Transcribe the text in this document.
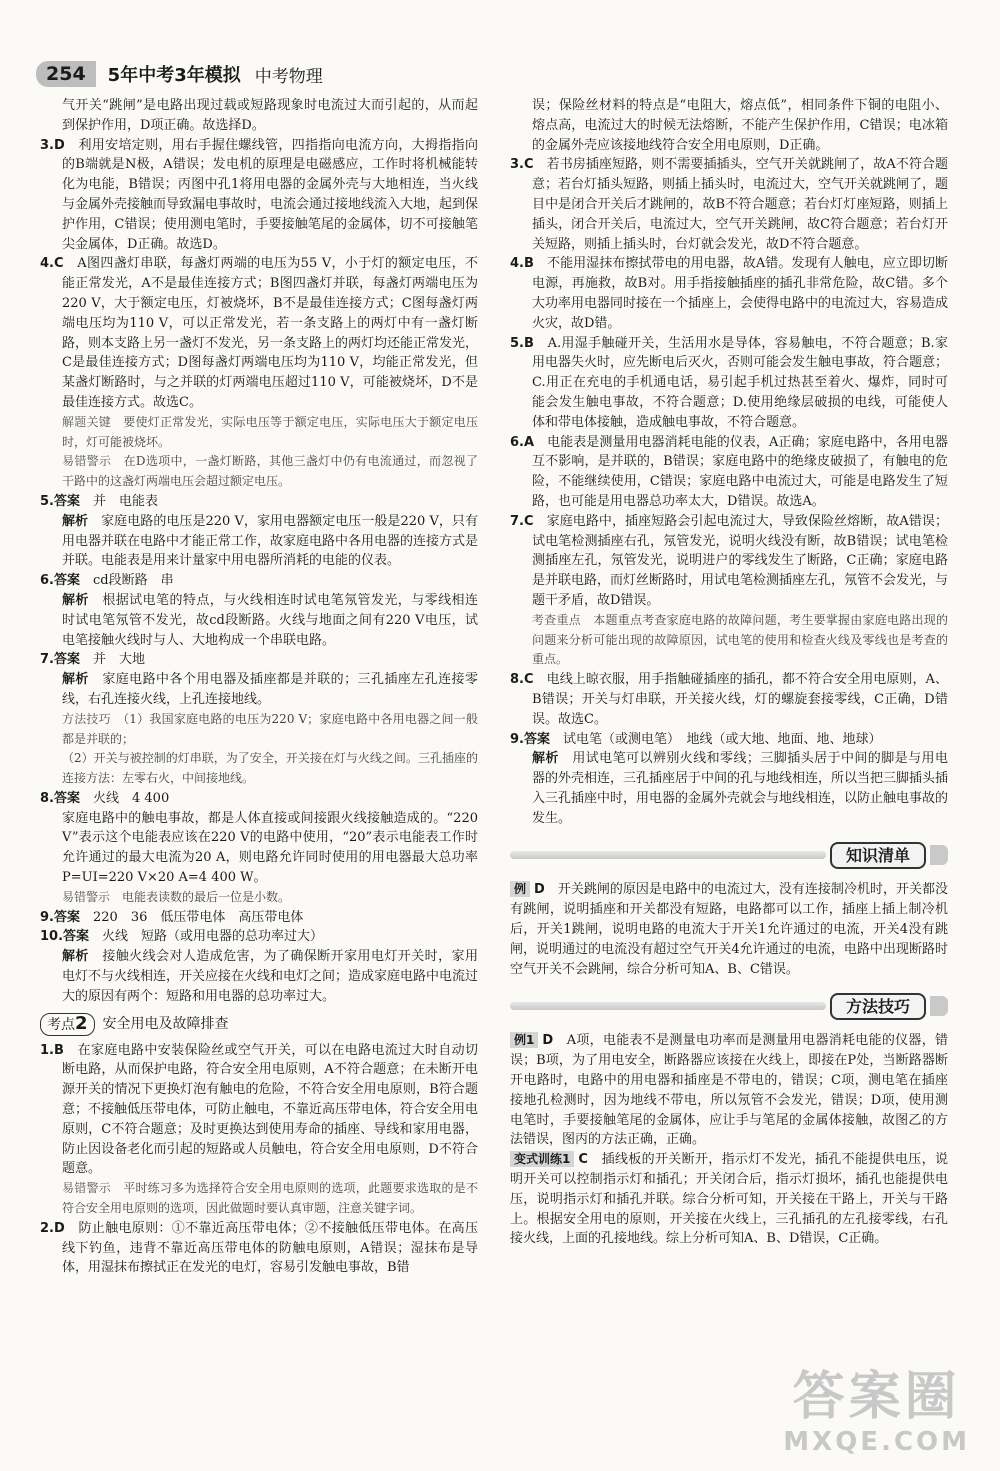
254	5年中考3年模拟 中考物理

气开关“跳闸”是电路出现过载或短路现象时电流过大而引起的，从而起到保护作用，D项正确。故选择D。

3.D　 利用安培定则，用右手握住螺线管，四指指向电流方向，大拇指指向的B端就是N极，A错误；发电机的原理是电磁感应，工作时将机械能转化为电能，B错误；丙图中孔1将用电器的金属外壳与大地相连，当火线与金属外壳接触而导致漏电事故时，电流会通过接地线流入大地，起到保护作用，C错误；使用测电笔时，手要接触笔尾的金属体，切不可接触笔尖金属体，D正确。故选D。

4.C　 A图四盏灯串联，每盏灯两端的电压为55 V，小于灯的额定电压，不能正常发光，A不是最佳连接方式；B图四盏灯并联，每盏灯两端电压为220 V，大于额定电压，灯被烧坏，B不是最佳连接方式；C图每盏灯两端电压均为110 V，可以正常发光，若一条支路上的两灯中有一盏灯断路，则本支路上另一盏灯不发光，另一条支路上的两灯均还能正常发光，C是最佳连接方式；D图每盏灯两端电压均为110 V，均能正常发光，但某盏灯断路时，与之并联的灯两端电压超过110 V，可能被烧坏，D不是最佳连接方式。故选C。

解题关键　 要使灯正常发光，实际电压等于额定电压，实际电压大于额定电压时，灯可能被烧坏。

易错警示　 在D选项中，一盏灯断路，其他三盏灯中仍有电流通过，而忽视了干路中的这盏灯两端电压会超过额定电压。

5.答案　 并　电能表

解析　 家庭电路的电压是220 V，家用电器额定电压一般是220 V，只有用电器并联在电路中才能正常工作，故家庭电路中各用电器的连接方式是并联。电能表是用来计量家中用电器所消耗的电能的仪表。

6.答案　 cd段断路　串

解析　 根据试电笔的特点，与火线相连时试电笔氖管发光，与零线相连时试电笔氖管不发光，故cd段断路。火线与地面之间有220 V电压，试电笔接触火线时与人、大地构成一个串联电路。

7.答案　 并　大地

解析　 家庭电路中各个用电器及插座都是并联的；三孔插座左孔连接零线，右孔连接火线，上孔连接地线。

方法技巧　 （1）我国家庭电路的电压为220 V；家庭电路中各用电器之间一般都是并联的；

（2）开关与被控制的灯串联，为了安全，开关接在灯与火线之间。三孔插座的连接方法：左零右火，中间接地线。

8.答案　 火线　4 400

家庭电路中的触电事故，都是人体直接或间接跟火线接触造成的。“220 V”表示这个电能表应该在220 V的电路中使用，“20”表示电能表工作时允许通过的最大电流为20 A，则电路允许同时使用的用电器最大总功率P=UI=220 V×20 A=4 400 W。

易错警示　 电能表读数的最后一位是小数。

9.答案　 220　36　低压带电体　高压带电体

10.答案　 火线　短路（或用电器的总功率过大）

解析　 接触火线会对人造成危害，为了确保断开家用电灯开关时，家用电灯不与火线相连，开关应接在火线和电灯之间；造成家庭电路中电流过大的原因有两个：短路和用电器的总功率过大。

考点2	安全用电及故障排查

1.B　 在家庭电路中安装保险丝或空气开关，可以在电路电流过大时自动切断电路，从而保护电路，符合安全用电原则，A不符合题意；在未断开电源开关的情况下更换灯泡有触电的危险，不符合安全用电原则，B符合题意；不接触低压带电体，可防止触电，不靠近高压带电体，符合安全用电原则，C不符合题意；及时更换达到使用寿命的插座、导线和家用电器，防止因设备老化而引起的短路或人员触电，符合安全用电原则，D不符合题意。

易错警示　 平时练习多为选择符合安全用电原则的选项，此题要求选取的是不符合安全用电原则的选项，因此做题时要认真审题，注意关键字词。

2.D　 防止触电原则：①不靠近高压带电体；②不接触低压带电体。在高压线下钓鱼，违背不靠近高压带电体的防触电原则，A错误；湿抹布是导体，用湿抹布擦拭正在发光的电灯，容易引发触电事故，B错

误；保险丝材料的特点是“电阻大，熔点低”，相同条件下铜的电阻小、熔点高，电流过大的时候无法熔断，不能产生保护作用，C错误；电冰箱的金属外壳应该接地线符合安全用电原则，D正确。

3.C　 若书房插座短路，则不需要插插头，空气开关就跳闸了，故A不符合题意；若台灯插头短路，则插上插头时，电流过大，空气开关就跳闸了，题目中是闭合开关后才跳闸的，故B不符合题意；若台灯灯座短路，则插上插头，闭合开关后，电流过大，空气开关跳闸，故C符合题意；若台灯开关短路，则插上插头时，台灯就会发光，故D不符合题意。

4.B　 不能用湿抹布擦拭带电的用电器，故A错。发现有人触电，应立即切断电源，再施救，故B对。用手指接触插座的插孔非常危险，故C错。多个大功率用电器同时接在一个插座上，会使得电路中的电流过大，容易造成火灾，故D错。

5.B　 A.用湿手触碰开关，生活用水是导体，容易触电，不符合题意；B.家用电器失火时，应先断电后灭火，否则可能会发生触电事故，符合题意；C.用正在充电的手机通电话，易引起手机过热甚至着火、爆炸，同时可能会发生触电事故，不符合题意；D.使用绝缘层破损的电线，可能使人体和带电体接触，造成触电事故，不符合题意。

6.A　 电能表是测量用电器消耗电能的仪表，A正确；家庭电路中，各用电器互不影响，是并联的，B错误；家庭电路中的绝缘皮破损了，有触电的危险，不能继续使用，C错误；家庭电路中电流过大，可能是电路发生了短路，也可能是用电器总功率太大，D错误。故选A。

7.C　 家庭电路中，插座短路会引起电流过大，导致保险丝熔断，故A错误；试电笔检测插座右孔，氖管发光，说明火线没有断，故B错误；试电笔检测插座左孔，氖管发光，说明进户的零线发生了断路，C正确；家庭电路是并联电路，而灯丝断路时，用试电笔检测插座左孔，氖管不会发光，与题干矛盾，故D错误。

考查重点　 本题重点考查家庭电路的故障问题，考生要掌握由家庭电路出现的问题来分析可能出现的故障原因，试电笔的使用和检查火线及零线也是考查的重点。

8.C　 电线上晾衣服，用手指触碰插座的插孔，都不符合安全用电原则，A、B错误；开关与灯串联，开关接火线，灯的螺旋套接零线，C正确，D错误。故选C。

9.答案　 试电笔（或测电笔）　地线（或大地、地面、地、地球）

解析　 用试电笔可以辨别火线和零线；三脚插头居于中间的脚是与用电器的外壳相连，三孔插座居于中间的孔与地线相连，所以当把三脚插头插入三孔插座中时，用电器的金属外壳就会与地线相连，以防止触电事故的发生。

知识清单

例 D　 开关跳闸的原因是电路中的电流过大，没有连接制冷机时，开关都没有跳闸，说明插座和开关都没有短路，电路都可以工作，插座上插上制冷机后，开关1跳闸，说明电路的电流大于开关1允许通过的电流，开关4没有跳闸，说明通过的电流没有超过空气开关4允许通过的电流，电路中出现断路时空气开关不会跳闸，综合分析可知A、B、C错误。

方法技巧

例1 D　 A项，电能表不是测量电功率而是测量用电器消耗电能的仪器，错误；B项，为了用电安全，断路器应该接在火线上，即接在P处，当断路器断开电路时，电路中的用电器和插座是不带电的，错误；C项，测电笔在插座接地孔检测时，因为地线不带电，所以氖管不会发光，错误；D项，使用测电笔时，手要接触笔尾的金属体，应让手与笔尾的金属体接触，故图乙的方法错误，图丙的方法正确，正确。

变式训练1 C　 插线板的开关断开，指示灯不发光，插孔不能提供电压，说明开关可以控制指示灯和插孔；开关闭合后，指示灯损坏，插孔也能提供电压，说明指示灯和插孔并联。综合分析可知，开关接在干路上，开关与干路上。根据安全用电的原则，开关接在火线上，三孔插孔的左孔接零线，右孔接火线，上面的孔接地线。综上分析可知A、B、D错误，C正确。

答案圈
MXQE.COM
